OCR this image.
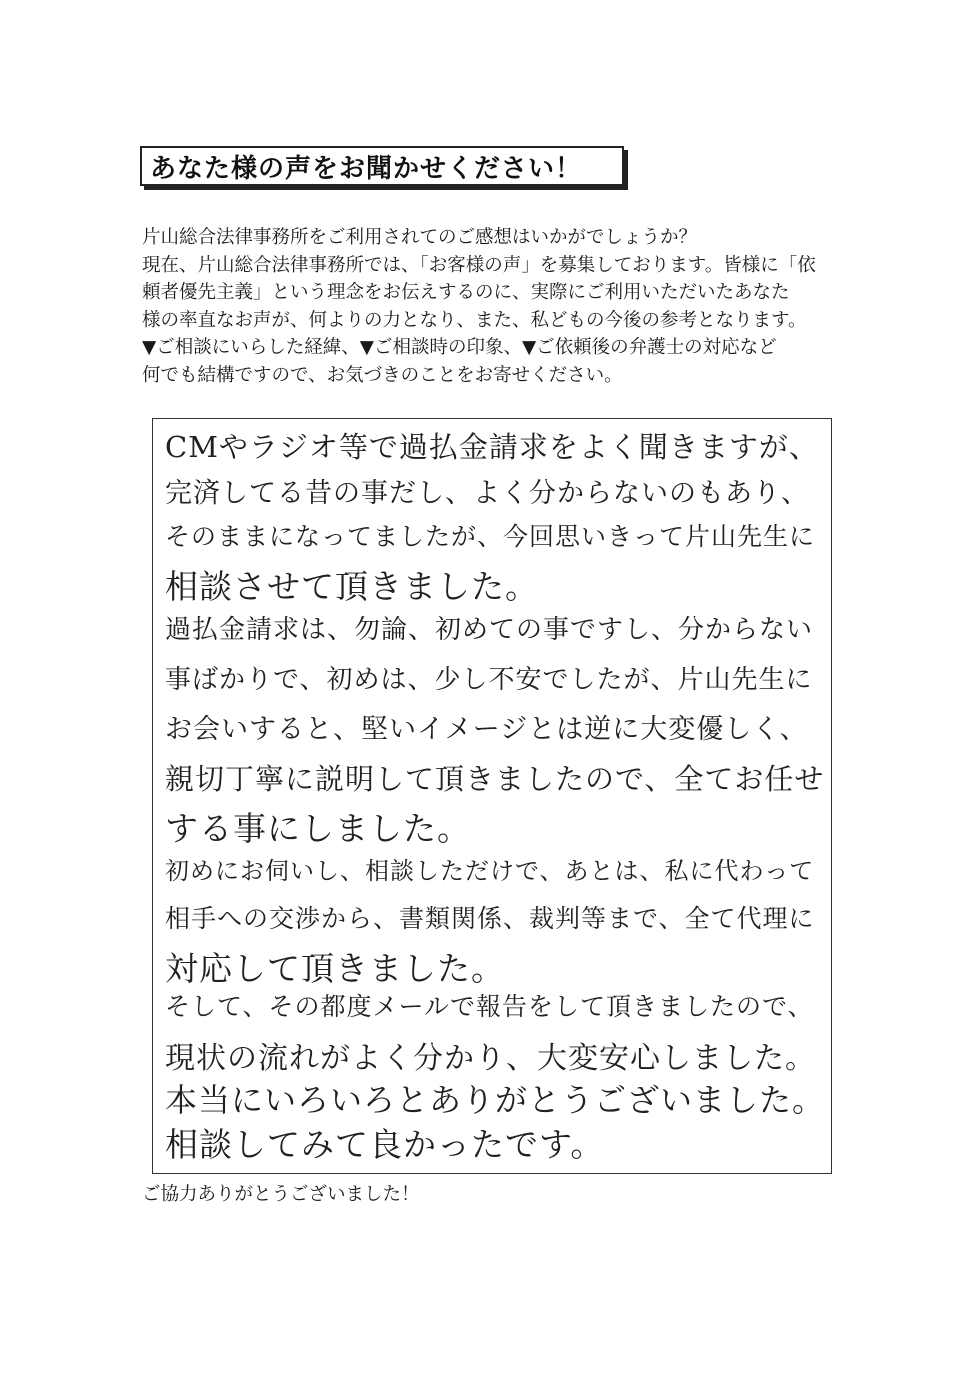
あなた様の声をお聞かせください！
片山総合法律事務所をご利用されてのご感想はいかがでしょうか？
現在、片山総合法律事務所では、「お客様の声」を募集しております。皆様に「依
頼者優先主義」という理念をお伝えするのに、実際にご利用いただいたあなた
様の率直なお声が、何よりの力となり、また、私どもの今後の参考となります。
▼ご相談にいらした経緯、▼ご相談時の印象、▼ご依頼後の弁護士の対応など
何でも結構ですので、お気づきのことをお寄せください。
CMやラジオ等で過払金請求をよく聞きますが、
完済してる昔の事だし、よく分からないのもあり、
そのままになってましたが、今回思いきって片山先生に
相談させて頂きました。
過払金請求は、勿論、初めての事ですし、分からない
事ばかりで、初めは、少し不安でしたが、片山先生に
お会いすると、堅いイメージとは逆に大変優しく、
親切丁寧に説明して頂きましたので、全てお任せ
する事にしました。
初めにお伺いし、相談しただけで、あとは、私に代わって
相手への交渉から、書類関係、裁判等まで、全て代理に
対応して頂きました。
そして、その都度メールで報告をして頂きましたので、
現状の流れがよく分かり、大変安心しました。
本当にいろいろとありがとうございました。
相談してみて良かったです。
ご協力ありがとうございました！
